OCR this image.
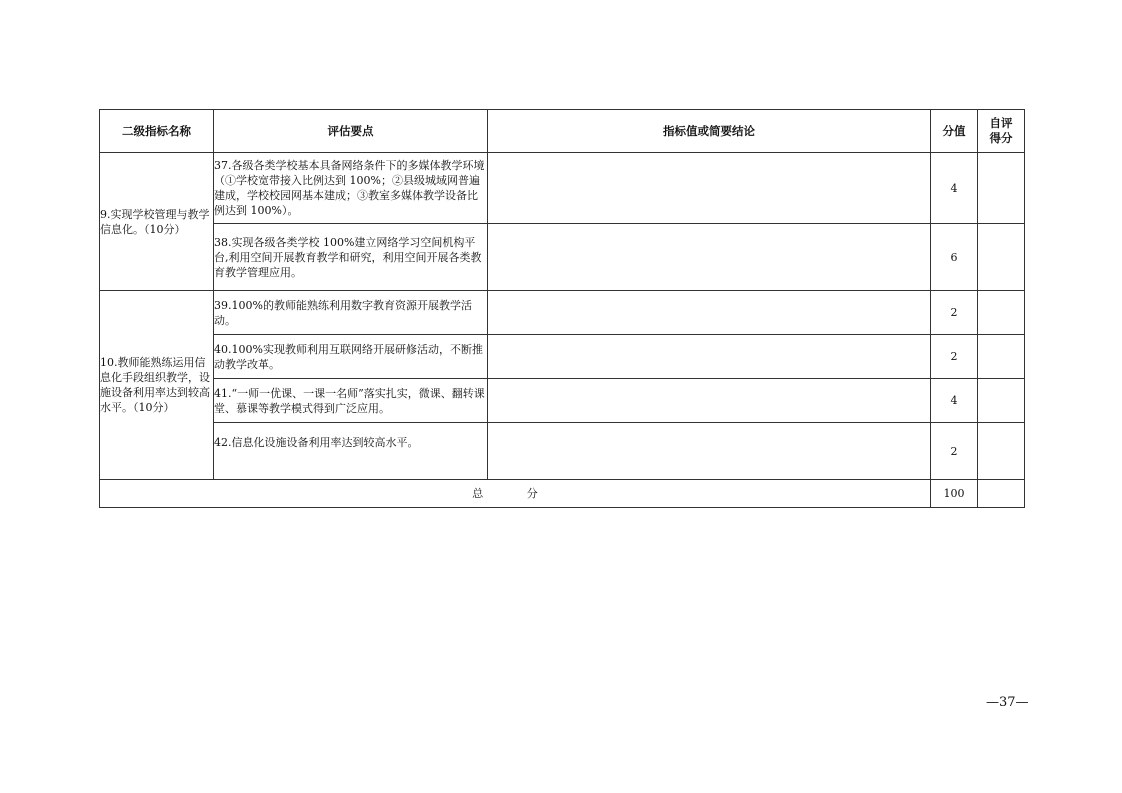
二级指标名称	评估要点	指标值或简要结论	分值	自评得分
9.实现学校管理与教学信息化。（10分）	37.各级各类学校基本具备网络条件下的多媒体教学环境（①学校宽带接入比例达到 100%；②县级城域网普遍建成，学校校园网基本建成；③教室多媒体教学设备比例达到 100%）。		4	
	38.实现各级各类学校 100%建立网络学习空间机构平台,利用空间开展教育教学和研究，利用空间开展各类教育教学管理应用。		6	
10.教师能熟练运用信息化手段组织教学，设施设备利用率达到较高水平。（10分）	39.100%的教师能熟练利用数字教育资源开展教学活动。		2	
	40.100%实现教师利用互联网络开展研修活动，不断推动教学改革。		2	
	41.“一师一优课、一课一名师”落实扎实，微课、翻转课堂、慕课等教学模式得到广泛应用。		4	
	42.信息化设施设备利用率达到较高水平。		2	
总 分			100	
—37—
